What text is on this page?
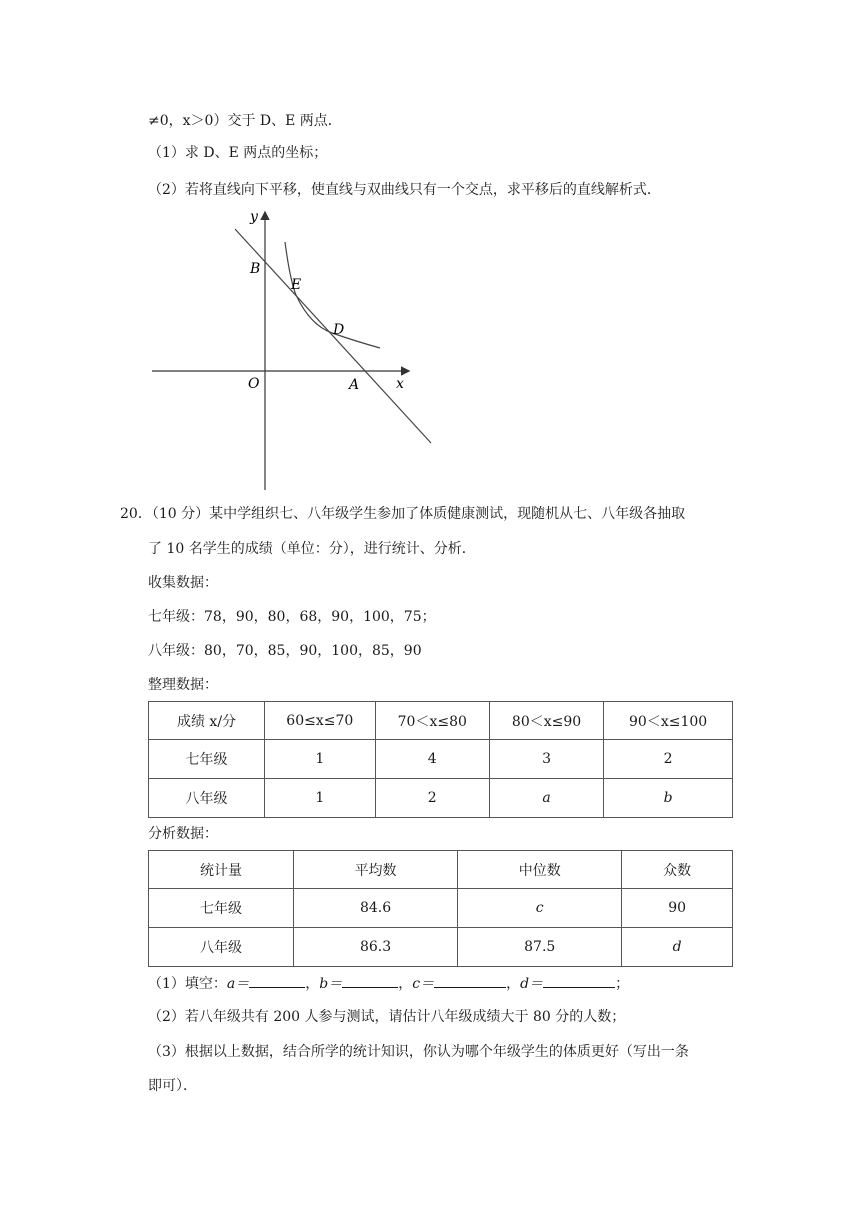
≠0，x＞0）交于 D、E 两点．
（1）求 D、E 两点的坐标；
（2）若将直线向下平移，使直线与双曲线只有一个交点，求平移后的直线解析式．
y
B
E
D
O	A	x
20．（10 分）某中学组织七、八年级学生参加了体质健康测试，现随机从七、八年级各抽取
了 10 名学生的成绩（单位：分），进行统计、分析．
收集数据：
七年级：78，90，80，68，90，100，75；
八年级：80，70，85，90，100，85，90
整理数据：
成绩 x/分	60≤x≤70	70＜x≤80	80＜x≤90	90＜x≤100
七年级	1	4	3	2
八年级	1	2	a	b
分析数据：
统计量	平均数	中位数	众数
七年级	84.6	c	90
八年级	86.3	87.5	d
（1）填空：a＝	，b＝	，c＝	，d＝	；
（2）若八年级共有 200 人参与测试，请估计八年级成绩大于 80 分的人数；
（3）根据以上数据，结合所学的统计知识，你认为哪个年级学生的体质更好（写出一条
即可）．
